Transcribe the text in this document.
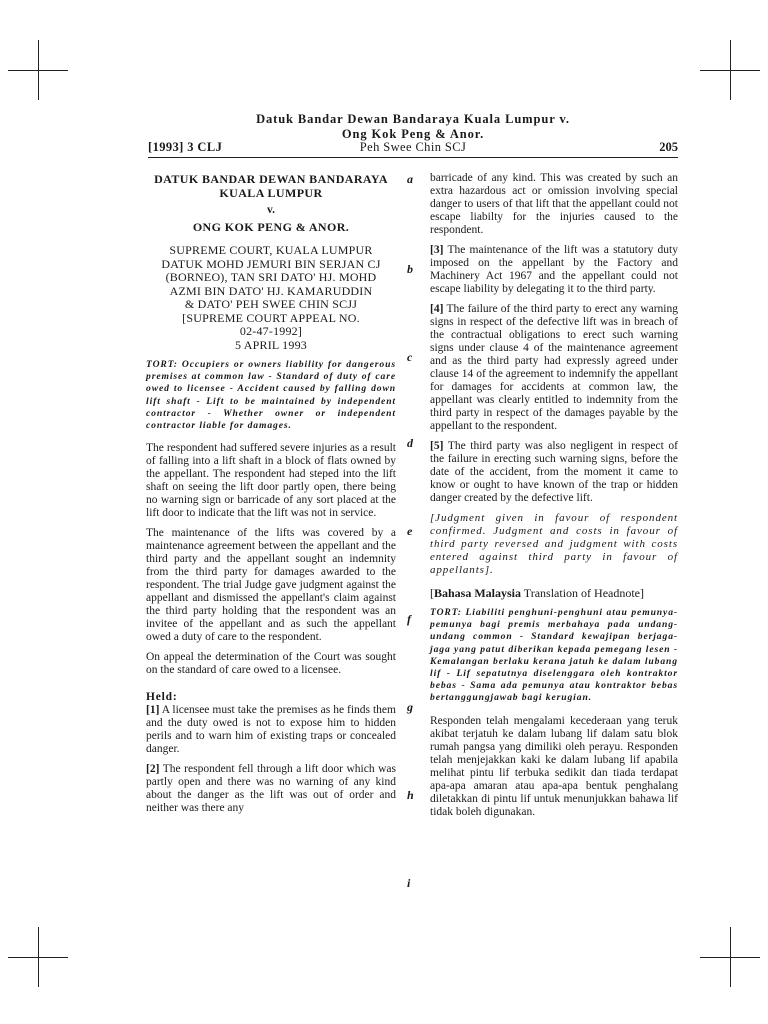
Datuk Bandar Dewan Bandaraya Kuala Lumpur v.
Ong Kok Peng & Anor.
[1993] 3 CLJ	Peh Swee Chin SCJ	205
DATUK BANDAR DEWAN BANDARAYA
KUALA LUMPUR
v.
ONG KOK PENG & ANOR.
SUPREME COURT, KUALA LUMPUR
DATUK MOHD JEMURI BIN SERJAN CJ
(BORNEO), TAN SRI DATO' HJ. MOHD
AZMI BIN DATO' HJ. KAMARUDDIN
& DATO' PEH SWEE CHIN SCJJ
[SUPREME COURT APPEAL NO.
02-47-1992]
5 APRIL 1993

TORT: Occupiers or owners liability for dangerous premises at common law - Standard of duty of care owed to licensee - Accident caused by falling down lift shaft - Lift to be maintained by independent contractor - Whether owner or independent contractor liable for damages.

The respondent had suffered severe injuries as a result of falling into a lift shaft in a block of flats owned by the appellant. The respondent had steped into the lift shaft on seeing the lift door partly open, there being no warning sign or barricade of any sort placed at the lift door to indicate that the lift was not in service.

The maintenance of the lifts was covered by a maintenance agreement between the appellant and the third party and the appellant sought an indemnity from the third party for damages awarded to the respondent. The trial Judge gave judgment against the appellant and dismissed the appellant's claim against the third party holding that the respondent was an invitee of the appellant and as such the appellant owed a duty of care to the respondent.

On appeal the determination of the Court was sought on the standard of care owed to a licensee.

Held:

[1] A licensee must take the premises as he finds them and the duty owed is not to expose him to hidden perils and to warn him of existing traps or concealed danger.

[2] The respondent fell through a lift door which was partly open and there was no warning of any kind about the danger as the lift was out of order and neither was there any

a
b
c
d
e
f
g
h
i

barricade of any kind. This was created by such an extra hazardous act or omission involving special danger to users of that lift that the appellant could not escape liabilty for the injuries caused to the respondent.

[3] The maintenance of the lift was a statutory duty imposed on the appellant by the Factory and Machinery Act 1967 and the appellant could not escape liability by delegating it to the third party.

[4] The failure of the third party to erect any warning signs in respect of the defective lift was in breach of the contractual obligations to erect such warning signs under clause 4 of the maintenance agreement and as the third party had expressly agreed under clause 14 of the agreement to indemnify the appellant for damages for accidents at common law, the appellant was clearly entitled to indemnity from the third party in respect of the damages payable by the appellant to the respondent.

[5] The third party was also negligent in respect of the failure in erecting such warning signs, before the date of the accident, from the moment it came to know or ought to have known of the trap or hidden danger created by the defective lift.

[Judgment given in favour of respondent confirmed. Judgment and costs in favour of third party reversed and judgment with costs entered against third party in favour of appellants].

[Bahasa Malaysia Translation of Headnote]

TORT: Liabiliti penghuni-penghuni atau pemunya-pemunya bagi premis merbahaya pada undang-undang common - Standard kewajipan berjaga-jaga yang patut diberikan kepada pemegang lesen - Kemalangan berlaku kerana jatuh ke dalam lubang lif - Lif sepatutnya diselenggara oleh kontraktor bebas - Sama ada pemunya atau kontraktor bebas bertanggungjawab bagi kerugian.

Responden telah mengalami kecederaan yang teruk akibat terjatuh ke dalam lubang lif dalam satu blok rumah pangsa yang dimiliki oleh perayu. Responden telah menjejakkan kaki ke dalam lubang lif apabila melihat pintu lif terbuka sedikit dan tiada terdapat apa-apa amaran atau apa-apa bentuk penghalang diletakkan di pintu lif untuk menunjukkan bahawa lif tidak boleh digunakan.
